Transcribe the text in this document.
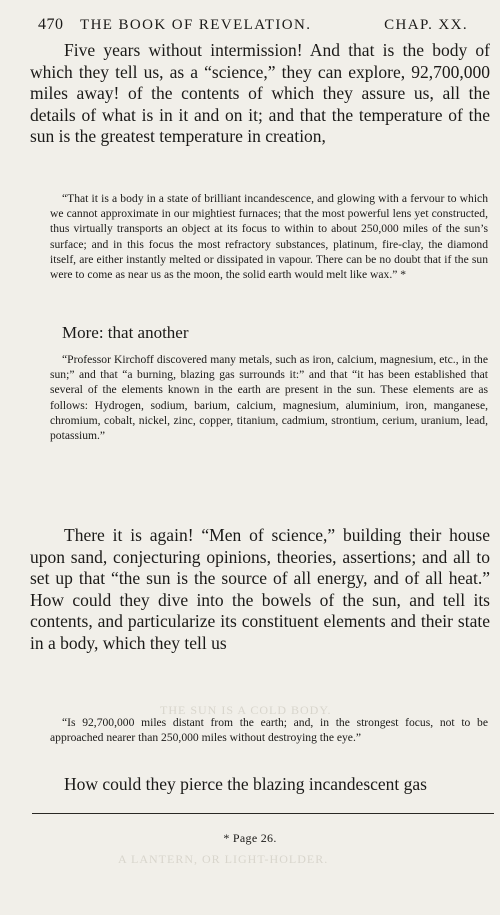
470 THE BOOK OF REVELATION.	CHAP. XX.
THE SUN IS A COLD BODY.
A LANTERN, OR LIGHT-HOLDER.

Five years without intermission! And that is the body of which they tell us, as a “science,” they can explore, 92,700,000 miles away! of the contents of which they assure us, all the details of what is in it and on it; and that the temperature of the sun is the greatest temperature in creation,

“That it is a body in a state of brilliant incandescence, and glowing with a fervour to which we cannot approximate in our mightiest furnaces; that the most powerful lens yet constructed, thus virtually transports an object at its focus to within to about 250,000 miles of the sun’s surface; and in this focus the most refractory substances, platinum, fire-clay, the diamond itself, are either instantly melted or dissipated in vapour. There can be no doubt that if the sun were to come as near us as the moon, the solid earth would melt like wax.” *

More: that another

“Professor Kirchoff discovered many metals, such as iron, calcium, magnesium, etc., in the sun;” and that “a burning, blazing gas surrounds it:” and that “it has been established that several of the elements known in the earth are present in the sun. These elements are as follows: Hydrogen, sodium, barium, calcium, magnesium, aluminium, iron, manganese, chromium, cobalt, nickel, zinc, copper, titanium, cadmium, strontium, cerium, uranium, lead, potassium.”

There it is again! “Men of science,” building their house upon sand, conjecturing opinions, theories, assertions; and all to set up that “the sun is the source of all energy, and of all heat.” How could they dive into the bowels of the sun, and tell its contents, and particularize its constituent elements and their state in a body, which they tell us

“Is 92,700,000 miles distant from the earth; and, in the strongest focus, not to be approached nearer than 250,000 miles without destroying the eye.”

How could they pierce the blazing incandescent gas

* Page 26.
